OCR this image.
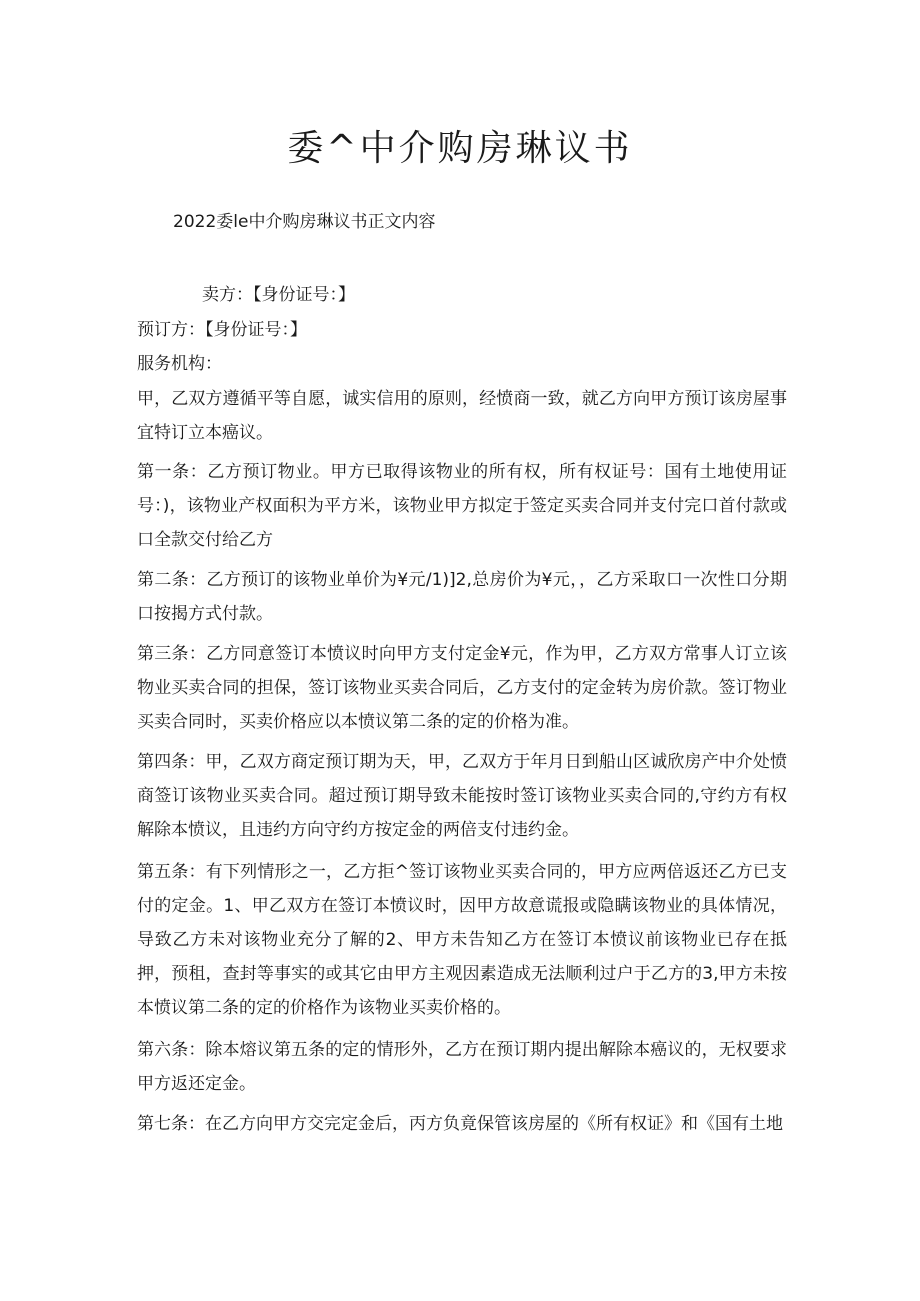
委^中介购房琳议书

2022委le中介购房琳议书正文内容

卖方：【身份证号：】

预订方：【身份证号：】

服务机构：

甲，乙双方遵循平等自愿，诚实信用的原则，经愤商一致，就乙方向甲方预订该房屋事宜特订立本癌议。

第一条：乙方预订物业。甲方已取得该物业的所有权，所有权证号：国有土地使用证号：)，该物业产权面积为平方米，该物业甲方拟定于签定买卖合同并支付完口首付款或口全款交付给乙方

第二条：乙方预订的该物业单价为¥元/1)]2,总房价为¥元，，乙方采取口一次性口分期口按揭方式付款。

第三条：乙方同意签订本愤议时向甲方支付定金¥元，作为甲，乙方双方常事人订立该物业买卖合同的担保，签订该物业买卖合同后，乙方支付的定金转为房价款。签订物业买卖合同时，买卖价格应以本愤议第二条的定的价格为准。

第四条：甲，乙双方商定预订期为天，甲，乙双方于年月日到船山区诚欣房产中介处愤商签订该物业买卖合同。超过预订期导致未能按时签订该物业买卖合同的,守约方有权解除本愤议，且违约方向守约方按定金的两倍支付违约金。

第五条：有下列情形之一，乙方拒^签订该物业买卖合同的，甲方应两倍返还乙方已支付的定金。1、甲乙双方在签订本愤议时，因甲方故意谎报或隐瞒该物业的具体情况，导致乙方未对该物业充分了解的2、甲方未告知乙方在签订本愤议前该物业已存在抵押，预租，查封等事实的或其它由甲方主观因素造成无法顺利过户于乙方的3,甲方未按本愤议第二条的定的价格作为该物业买卖价格的。

第六条：除本熔议第五条的定的情形外，乙方在预订期内提出解除本癌议的，无权要求甲方返还定金。

第七条：在乙方向甲方交完定金后，丙方负竟保管该房屋的《所有权证》和《国有土地
